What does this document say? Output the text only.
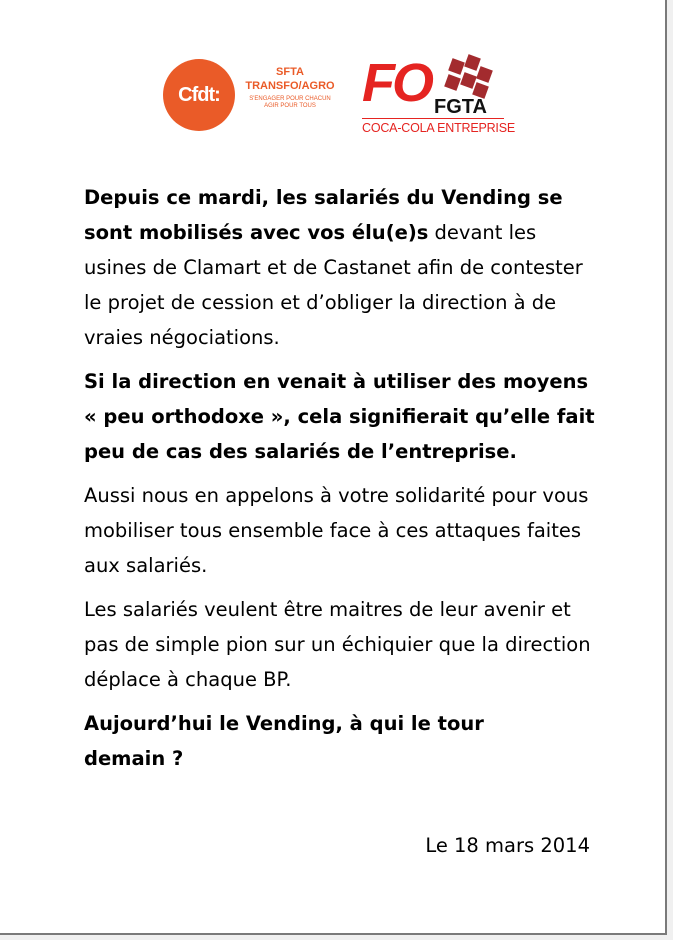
Cfdt:
SFTA
TRANSFO/AGRO
S'ENGAGER POUR CHACUN
AGIR POUR TOUS FO FGTA
COCA-COLA ENTREPRISE

Depuis ce mardi, les salariés du Vending se sont mobilisés avec vos élu(e)s devant les usines de Clamart et de Castanet afin de contester le projet de cession et d’obliger la direction à de vraies négociations.

Si la direction en venait à utiliser des moyens « peu orthodoxe », cela signifierait qu’elle fait peu de cas des salariés de l’entreprise.

Aussi nous en appelons à votre solidarité pour vous mobiliser tous ensemble face à ces attaques faites aux salariés.

Les salariés veulent être maitres de leur avenir et pas de simple pion sur un échiquier que la direction déplace à chaque BP.

Aujourd’hui le Vending, à qui le tour demain ?

Le 18 mars 2014
